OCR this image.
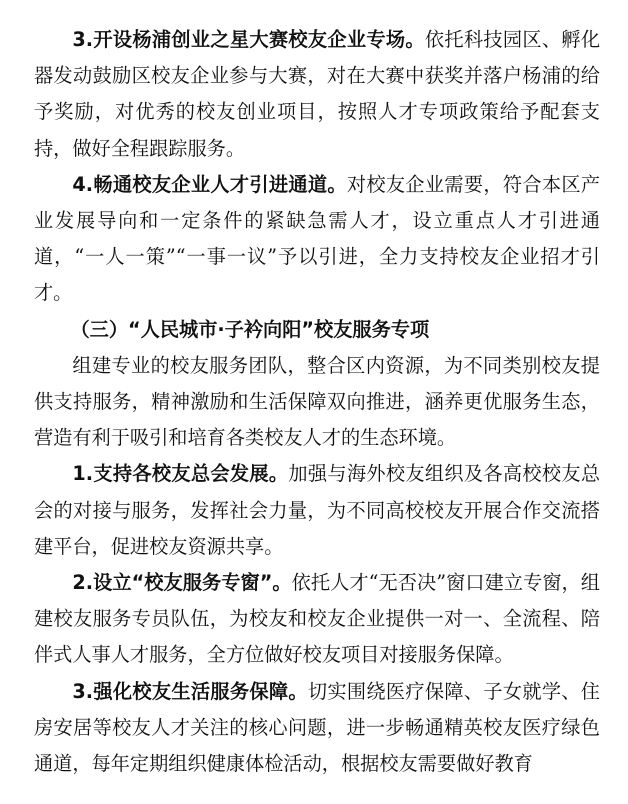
3.开设杨浦创业之星大赛校友企业专场。依托科技园区、孵化器发动鼓励区校友企业参与大赛，对在大赛中获奖并落户杨浦的给予奖励，对优秀的校友创业项目，按照人才专项政策给予配套支持，做好全程跟踪服务。

4.畅通校友企业人才引进通道。对校友企业需要，符合本区产业发展导向和一定条件的紧缺急需人才，设立重点人才引进通道，“一人一策”“一事一议”予以引进，全力支持校友企业招才引才。

（三）“人民城市·子衿向阳”校友服务专项

组建专业的校友服务团队，整合区内资源，为不同类别校友提供支持服务，精神激励和生活保障双向推进，涵养更优服务生态，营造有利于吸引和培育各类校友人才的生态环境。

1.支持各校友总会发展。加强与海外校友组织及各高校校友总会的对接与服务，发挥社会力量，为不同高校校友开展合作交流搭建平台，促进校友资源共享。

2.设立“校友服务专窗”。依托人才“无否决”窗口建立专窗，组建校友服务专员队伍，为校友和校友企业提供一对一、全流程、陪伴式人事人才服务，全方位做好校友项目对接服务保障。

3.强化校友生活服务保障。切实围绕医疗保障、子女就学、住房安居等校友人才关注的核心问题，进一步畅通精英校友医疗绿色通道，每年定期组织健康体检活动，根据校友需要做好教育
